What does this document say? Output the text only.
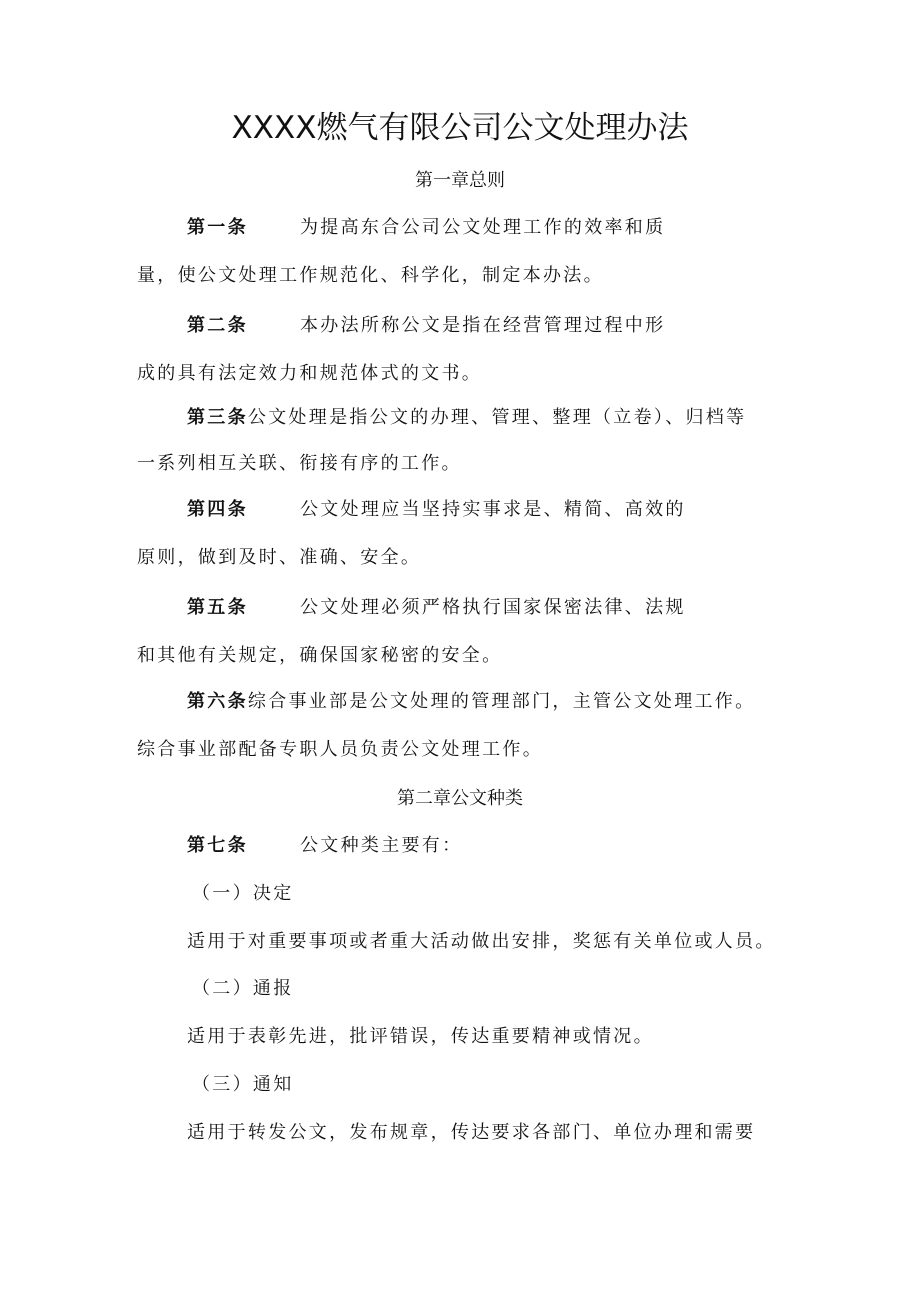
XXXX燃气有限公司公文处理办法
第一章总则
第一条	为提高东合公司公文处理工作的效率和质
量，使公文处理工作规范化、科学化，制定本办法。
第二条	本办法所称公文是指在经营管理过程中形
成的具有法定效力和规范体式的文书。
第三条公文处理是指公文的办理、管理、整理（立卷）、归档等
一系列相互关联、衔接有序的工作。
第四条	公文处理应当坚持实事求是、精简、高效的
原则，做到及时、准确、安全。
第五条	公文处理必须严格执行国家保密法律、法规
和其他有关规定，确保国家秘密的安全。
第六条综合事业部是公文处理的管理部门，主管公文处理工作。
综合事业部配备专职人员负责公文处理工作。
第二章公文种类
第七条	公文种类主要有：
（一）决定
适用于对重要事项或者重大活动做出安排，奖惩有关单位或人员。
（二）通报
适用于表彰先进，批评错误，传达重要精神或情况。
（三）通知
适用于转发公文，发布规章，传达要求各部门、单位办理和需要
